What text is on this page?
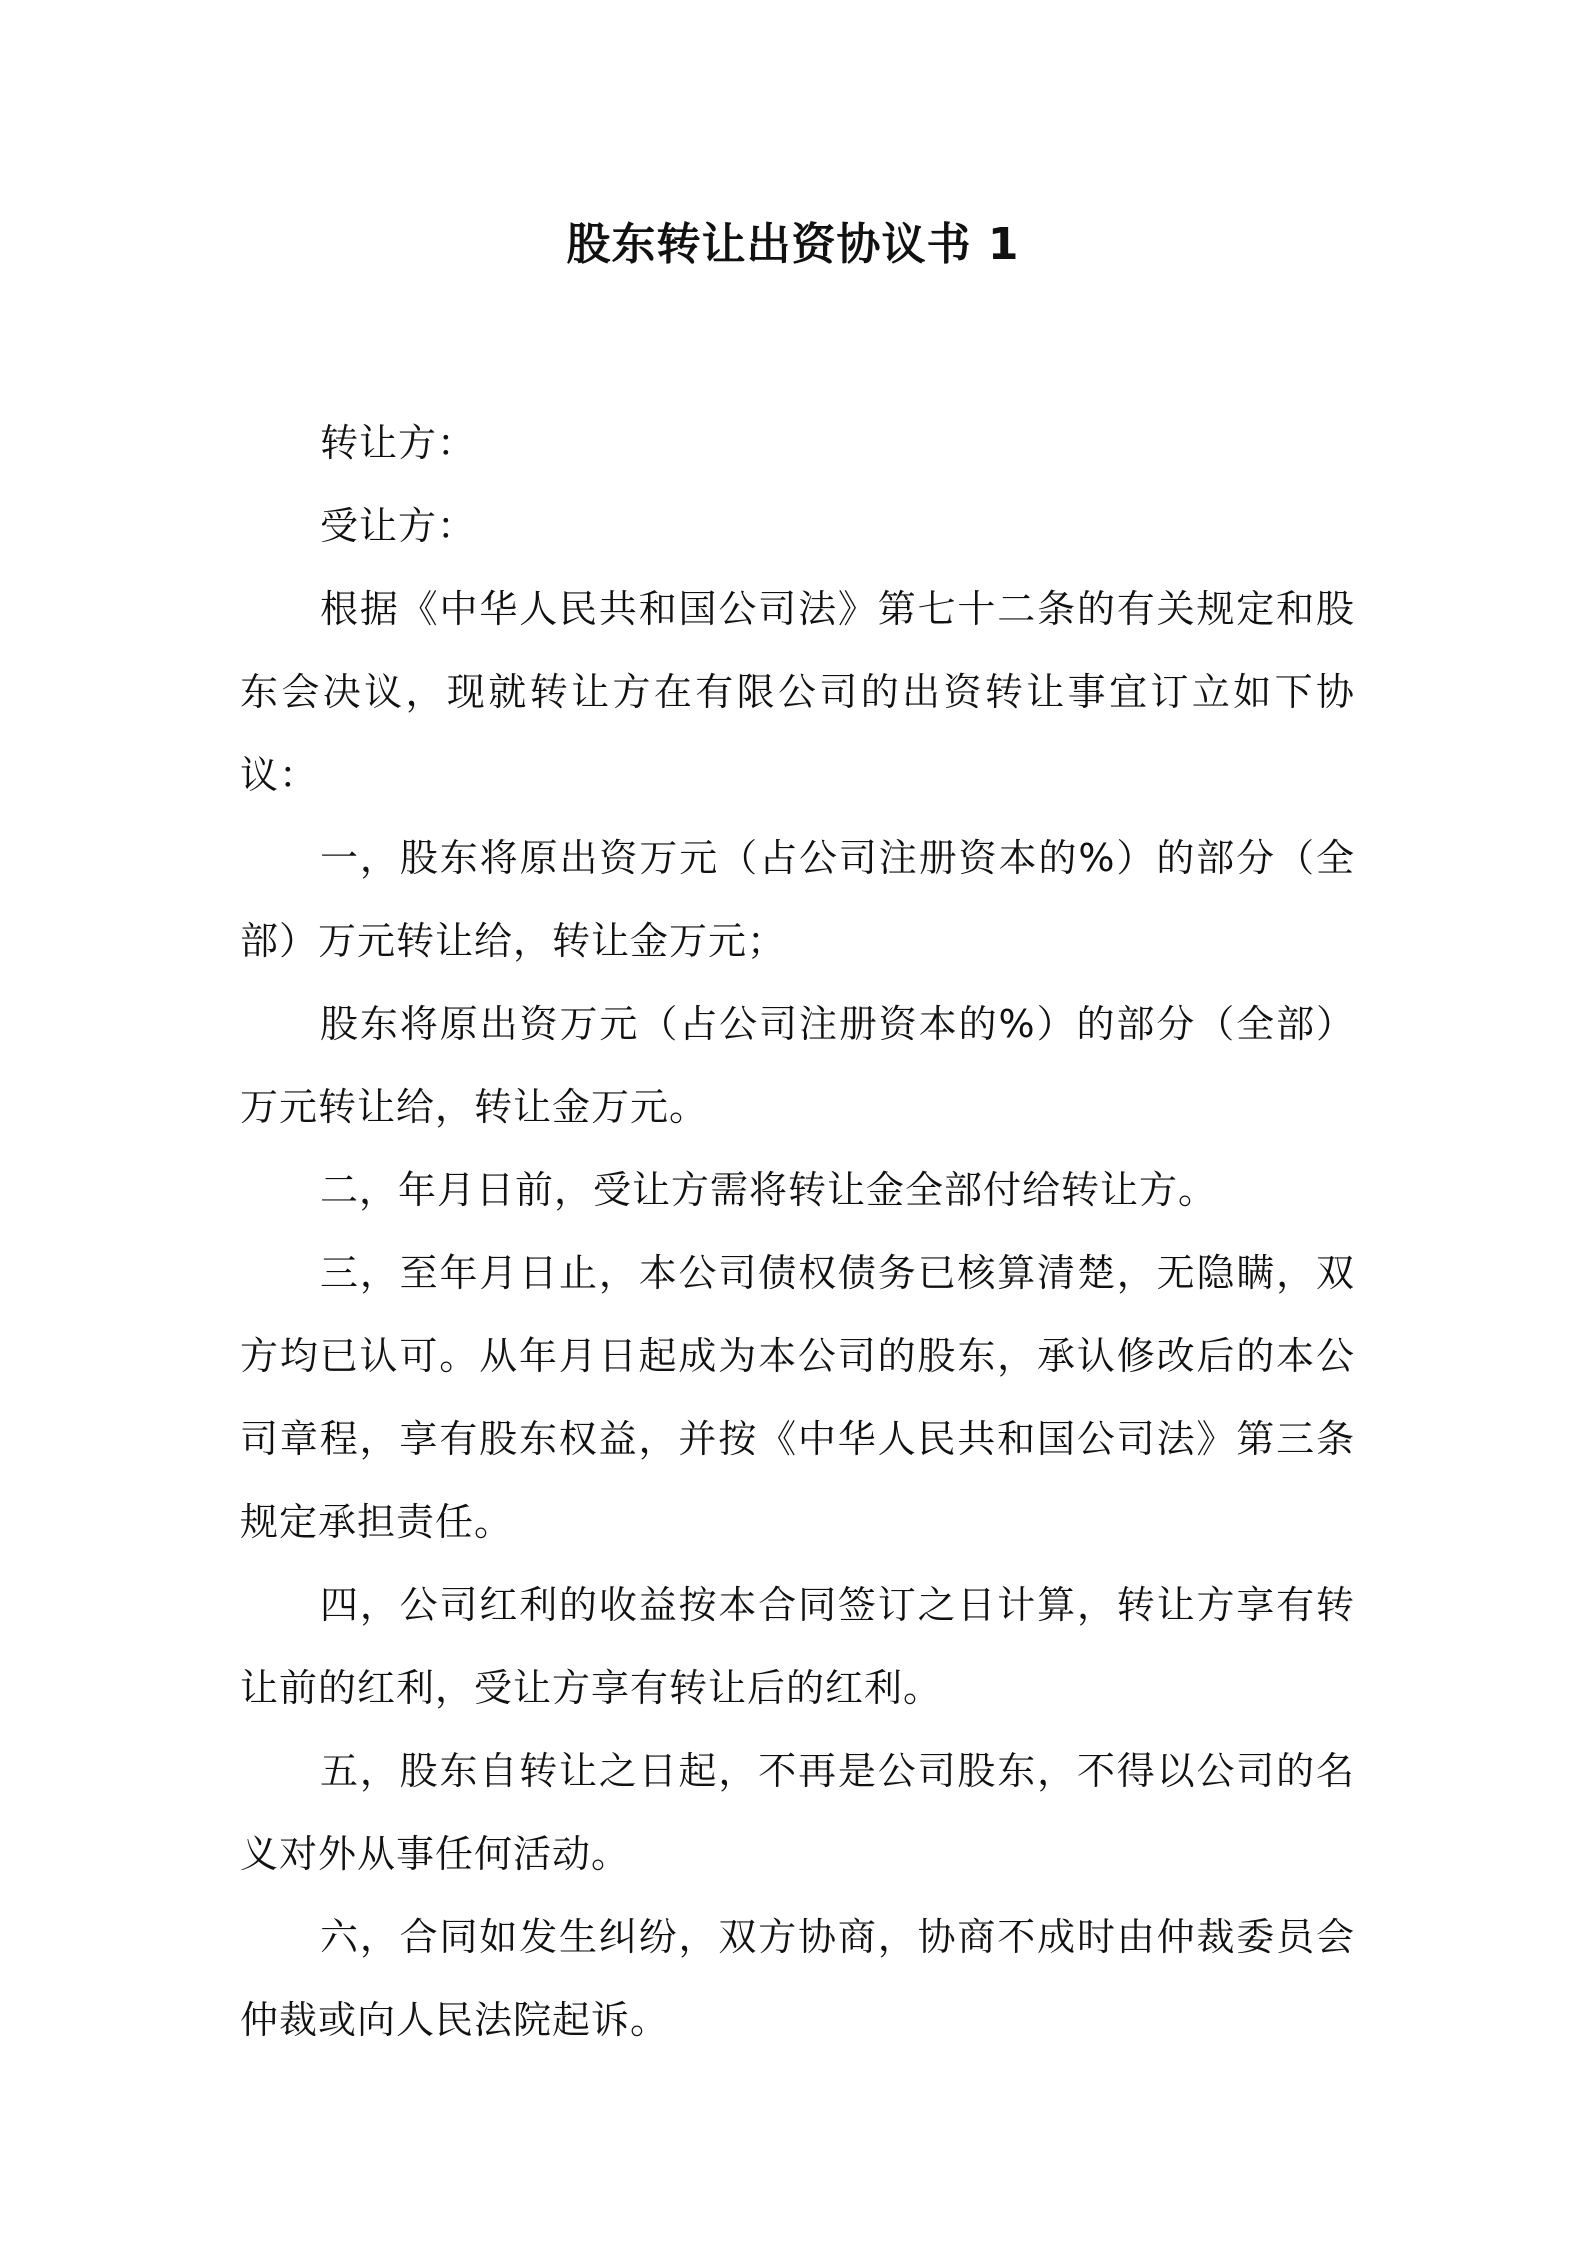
股东转让出资协议书 1

转让方：

受让方：

根据《中华人民共和国公司法》第七十二条的有关规定和股东会决议，现就转让方在有限公司的出资转让事宜订立如下协议：

一，股东将原出资万元（占公司注册资本的%）的部分（全部）万元转让给，转让金万元；

股东将原出资万元（占公司注册资本的%）的部分（全部）万元转让给，转让金万元。

二，年月日前，受让方需将转让金全部付给转让方。

三，至年月日止，本公司债权债务已核算清楚，无隐瞒，双方均已认可。从年月日起成为本公司的股东，承认修改后的本公司章程，享有股东权益，并按《中华人民共和国公司法》第三条规定承担责任。

四，公司红利的收益按本合同签订之日计算，转让方享有转让前的红利，受让方享有转让后的红利。

五，股东自转让之日起，不再是公司股东，不得以公司的名义对外从事任何活动。

六，合同如发生纠纷，双方协商，协商不成时由仲裁委员会仲裁或向人民法院起诉。
